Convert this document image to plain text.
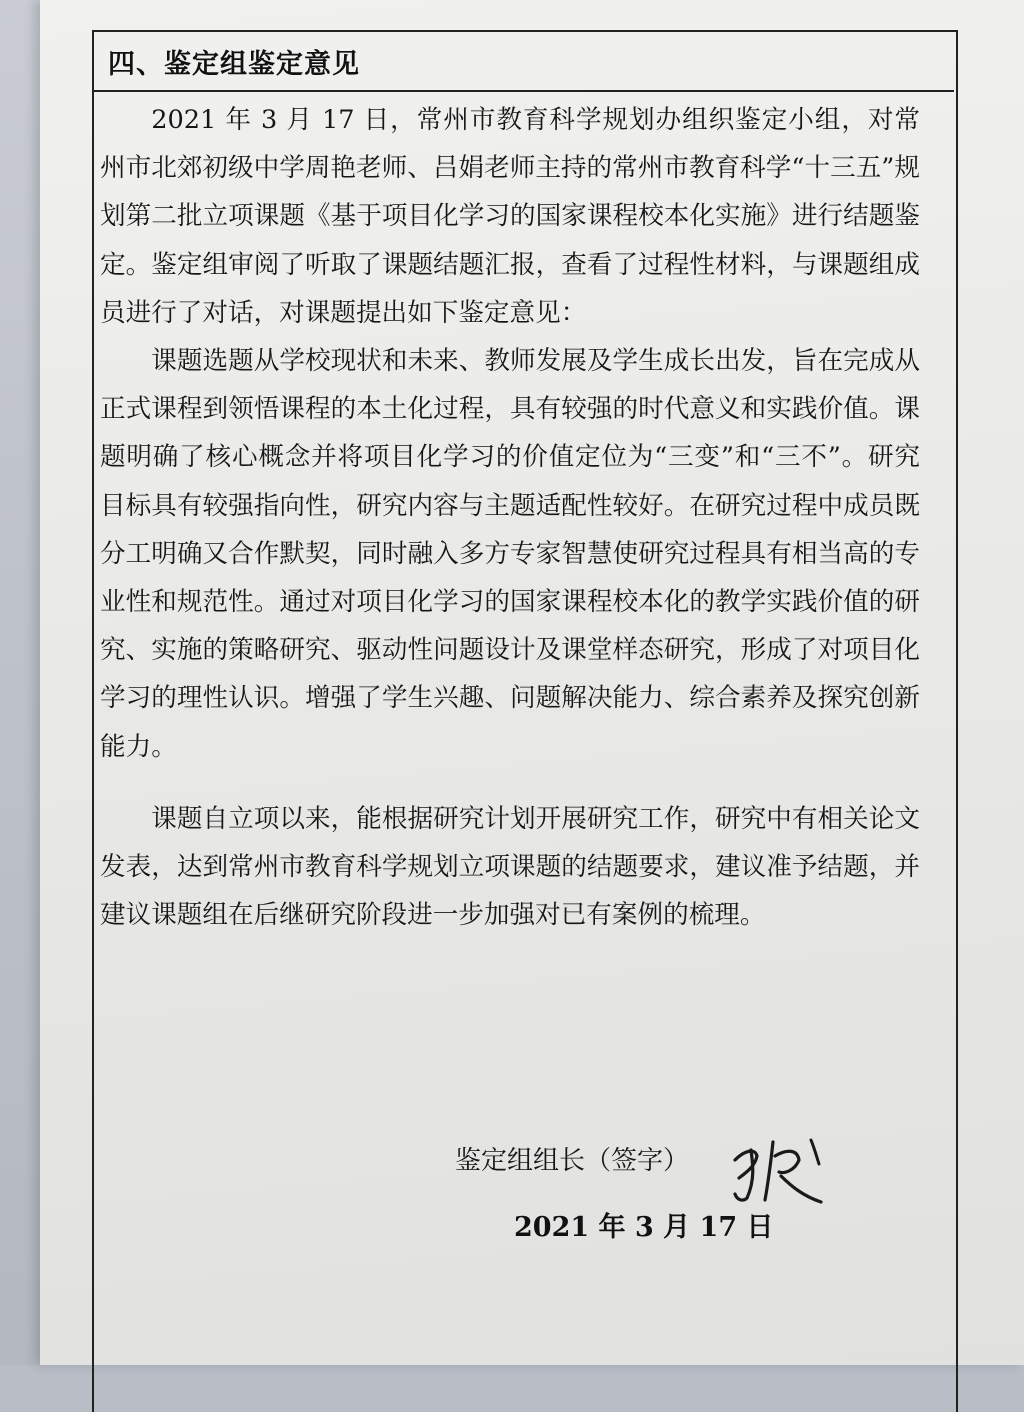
四、鉴定组鉴定意见

2021 年 3 月 17 日，常州市教育科学规划办组织鉴定小组，对常州市北郊初级中学周艳老师、吕娟老师主持的常州市教育科学“十三五”规划第二批立项课题《基于项目化学习的国家课程校本化实施》进行结题鉴定。鉴定组审阅了听取了课题结题汇报，查看了过程性材料，与课题组成员进行了对话，对课题提出如下鉴定意见：

课题选题从学校现状和未来、教师发展及学生成长出发，旨在完成从正式课程到领悟课程的本土化过程，具有较强的时代意义和实践价值。课题明确了核心概念并将项目化学习的价值定位为“三变”和“三不”。研究目标具有较强指向性，研究内容与主题适配性较好。在研究过程中成员既分工明确又合作默契，同时融入多方专家智慧使研究过程具有相当高的专业性和规范性。通过对项目化学习的国家课程校本化的教学实践价值的研究、实施的策略研究、驱动性问题设计及课堂样态研究，形成了对项目化学习的理性认识。增强了学生兴趣、问题解决能力、综合素养及探究创新能力。

课题自立项以来，能根据研究计划开展研究工作，研究中有相关论文发表，达到常州市教育科学规划立项课题的结题要求，建议准予结题，并建议课题组在后继研究阶段进一步加强对已有案例的梳理。

鉴定组组长（签字）
2021 年 3 月 17 日
